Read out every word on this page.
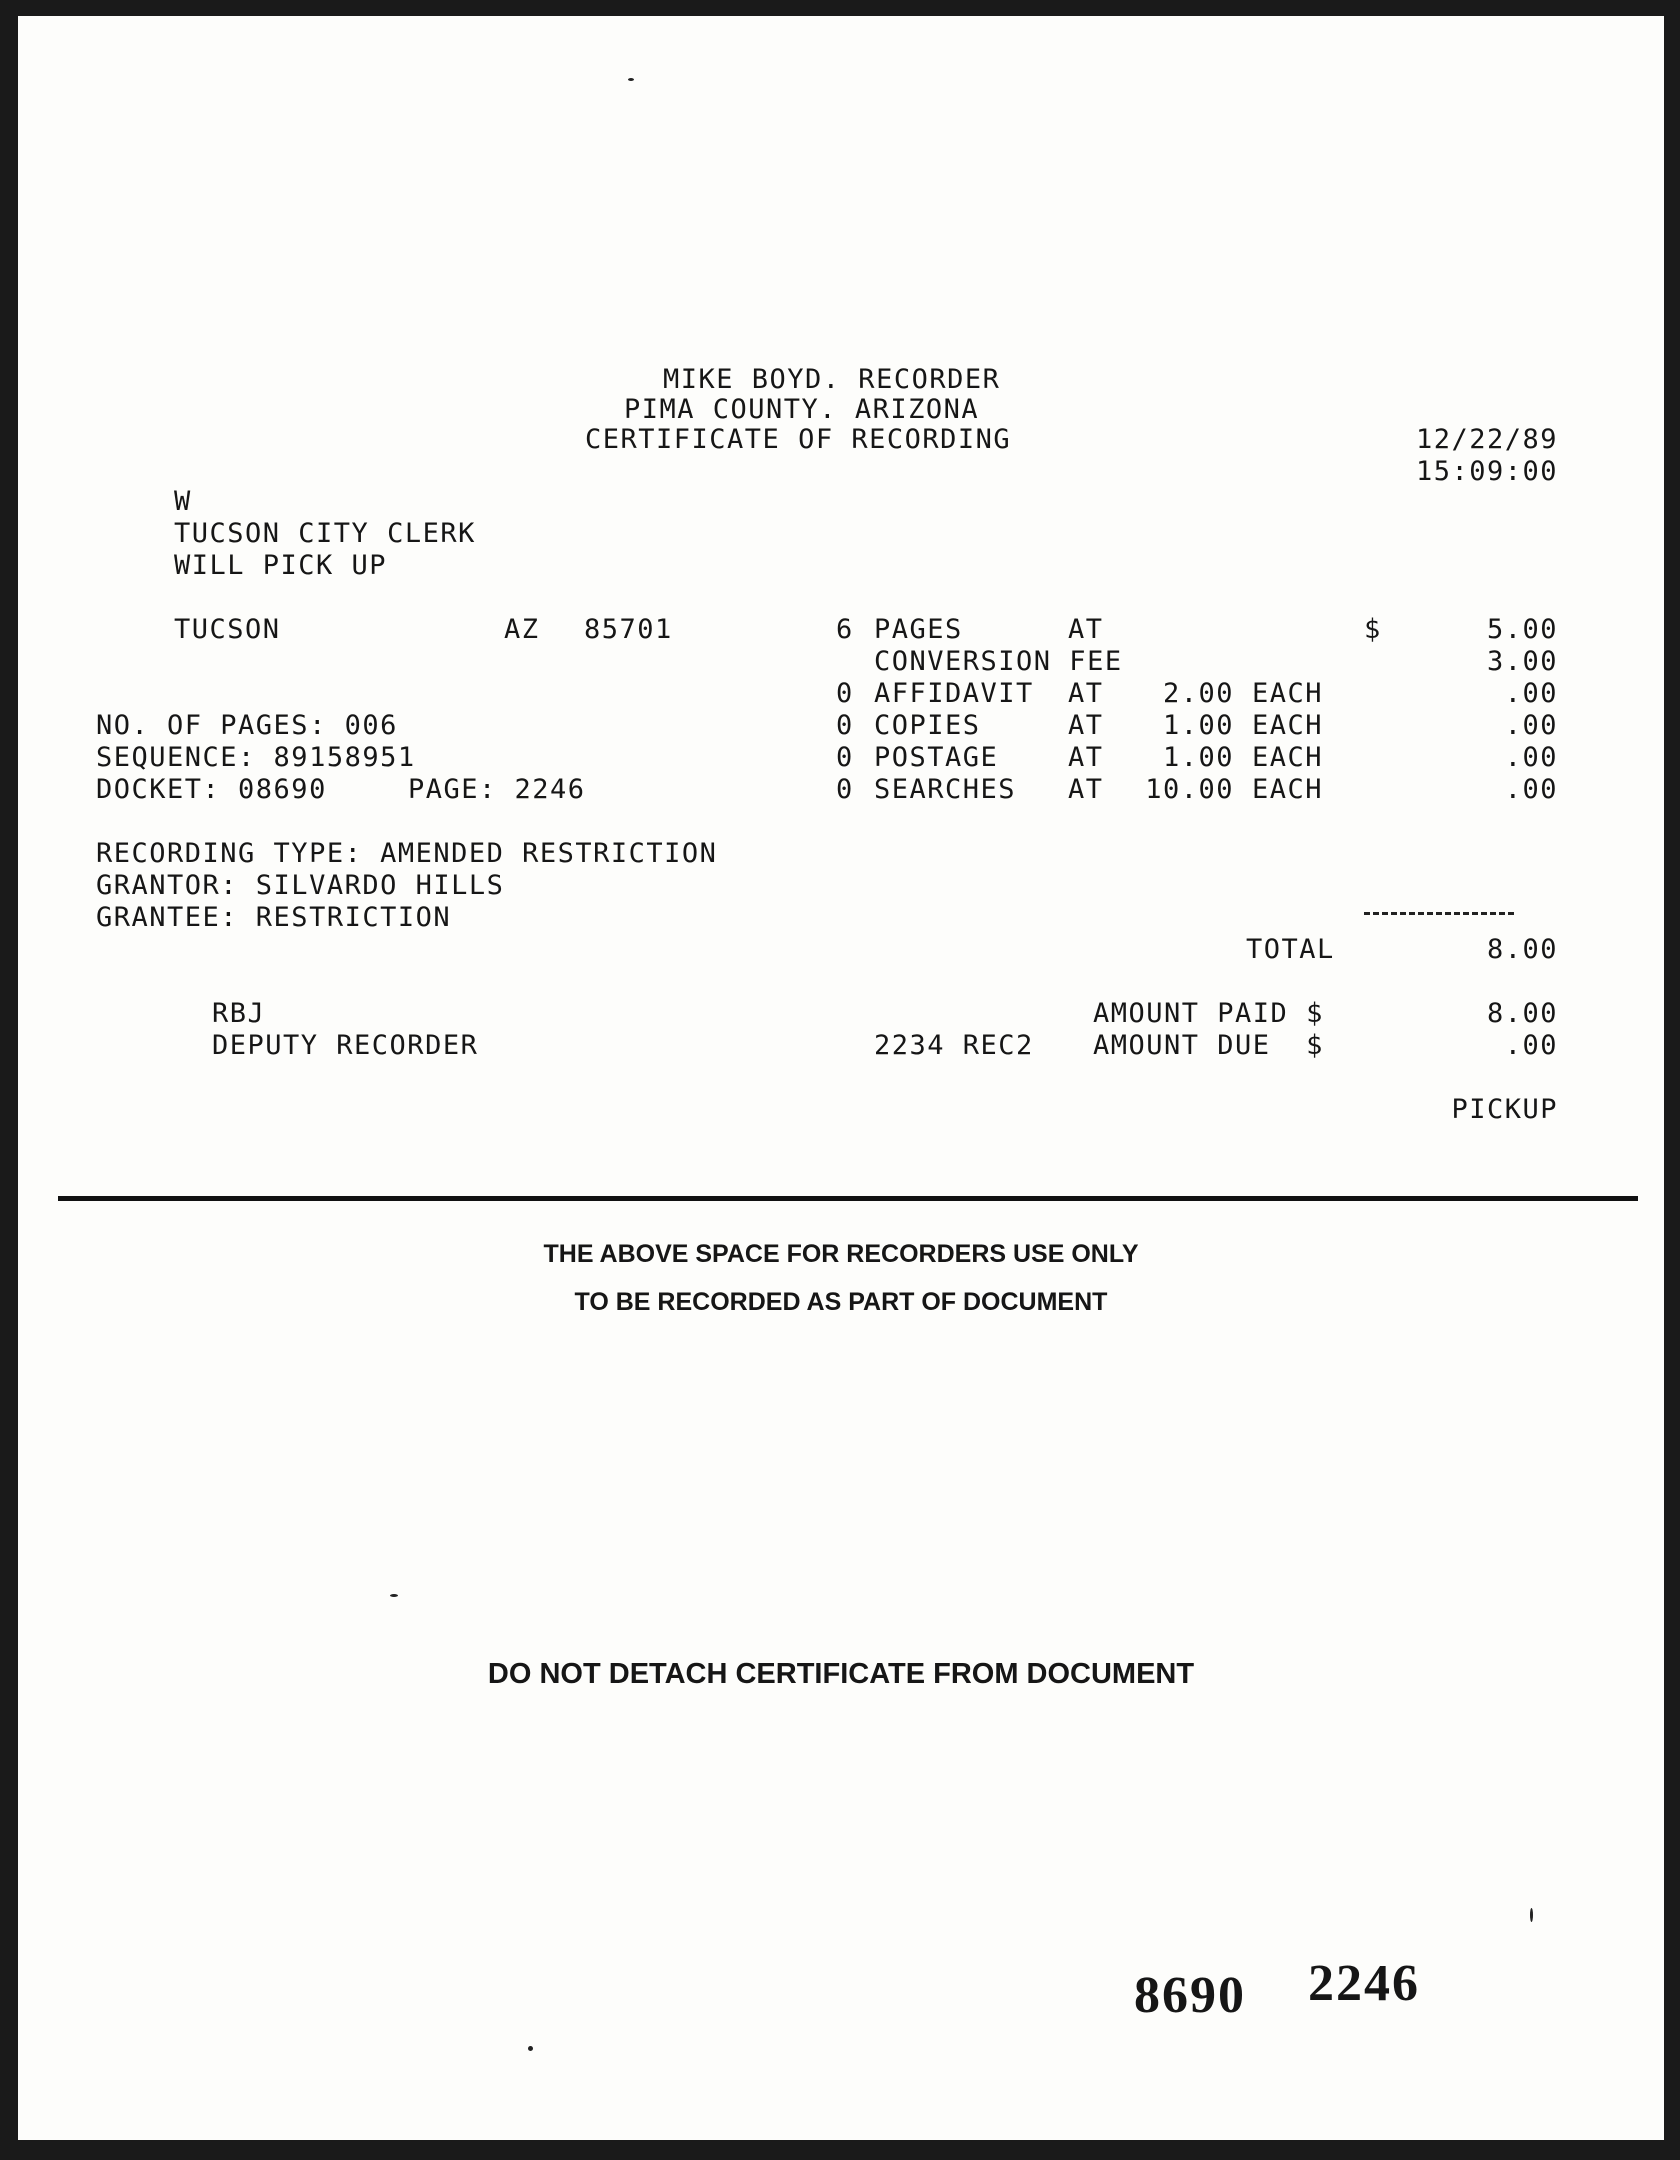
MIKE BOYD. RECORDER
PIMA COUNTY. ARIZONA
CERTIFICATE OF RECORDING	12/22/89
15:09:00
W
TUCSON CITY CLERK
WILL PICK UP
TUCSON	AZ 85701
NO. OF PAGES: 006
SEQUENCE: 89158951
DOCKET: 08690	PAGE: 2246
RECORDING TYPE: AMENDED RESTRICTION
GRANTOR: SILVARDO HILLS
GRANTEE: RESTRICTION
6 PAGES	AT	$	5.00
CONVERSION FEE	3.00
0 AFFIDAVIT AT	2.00 EACH	.00
0 COPIES	AT	1.00 EACH	.00
0 POSTAGE	AT	1.00 EACH	.00
0 SEARCHES AT	10.00 EACH	.00
TOTAL	8.00
RBJ
DEPUTY RECORDER
AMOUNT PAID $	8.00
2234 REC2 AMOUNT DUE  $	.00
PICKUP
THE ABOVE SPACE FOR RECORDERS USE ONLY
TO BE RECORDED AS PART OF DOCUMENT
DO NOT DETACH CERTIFICATE FROM DOCUMENT
8690 2246
